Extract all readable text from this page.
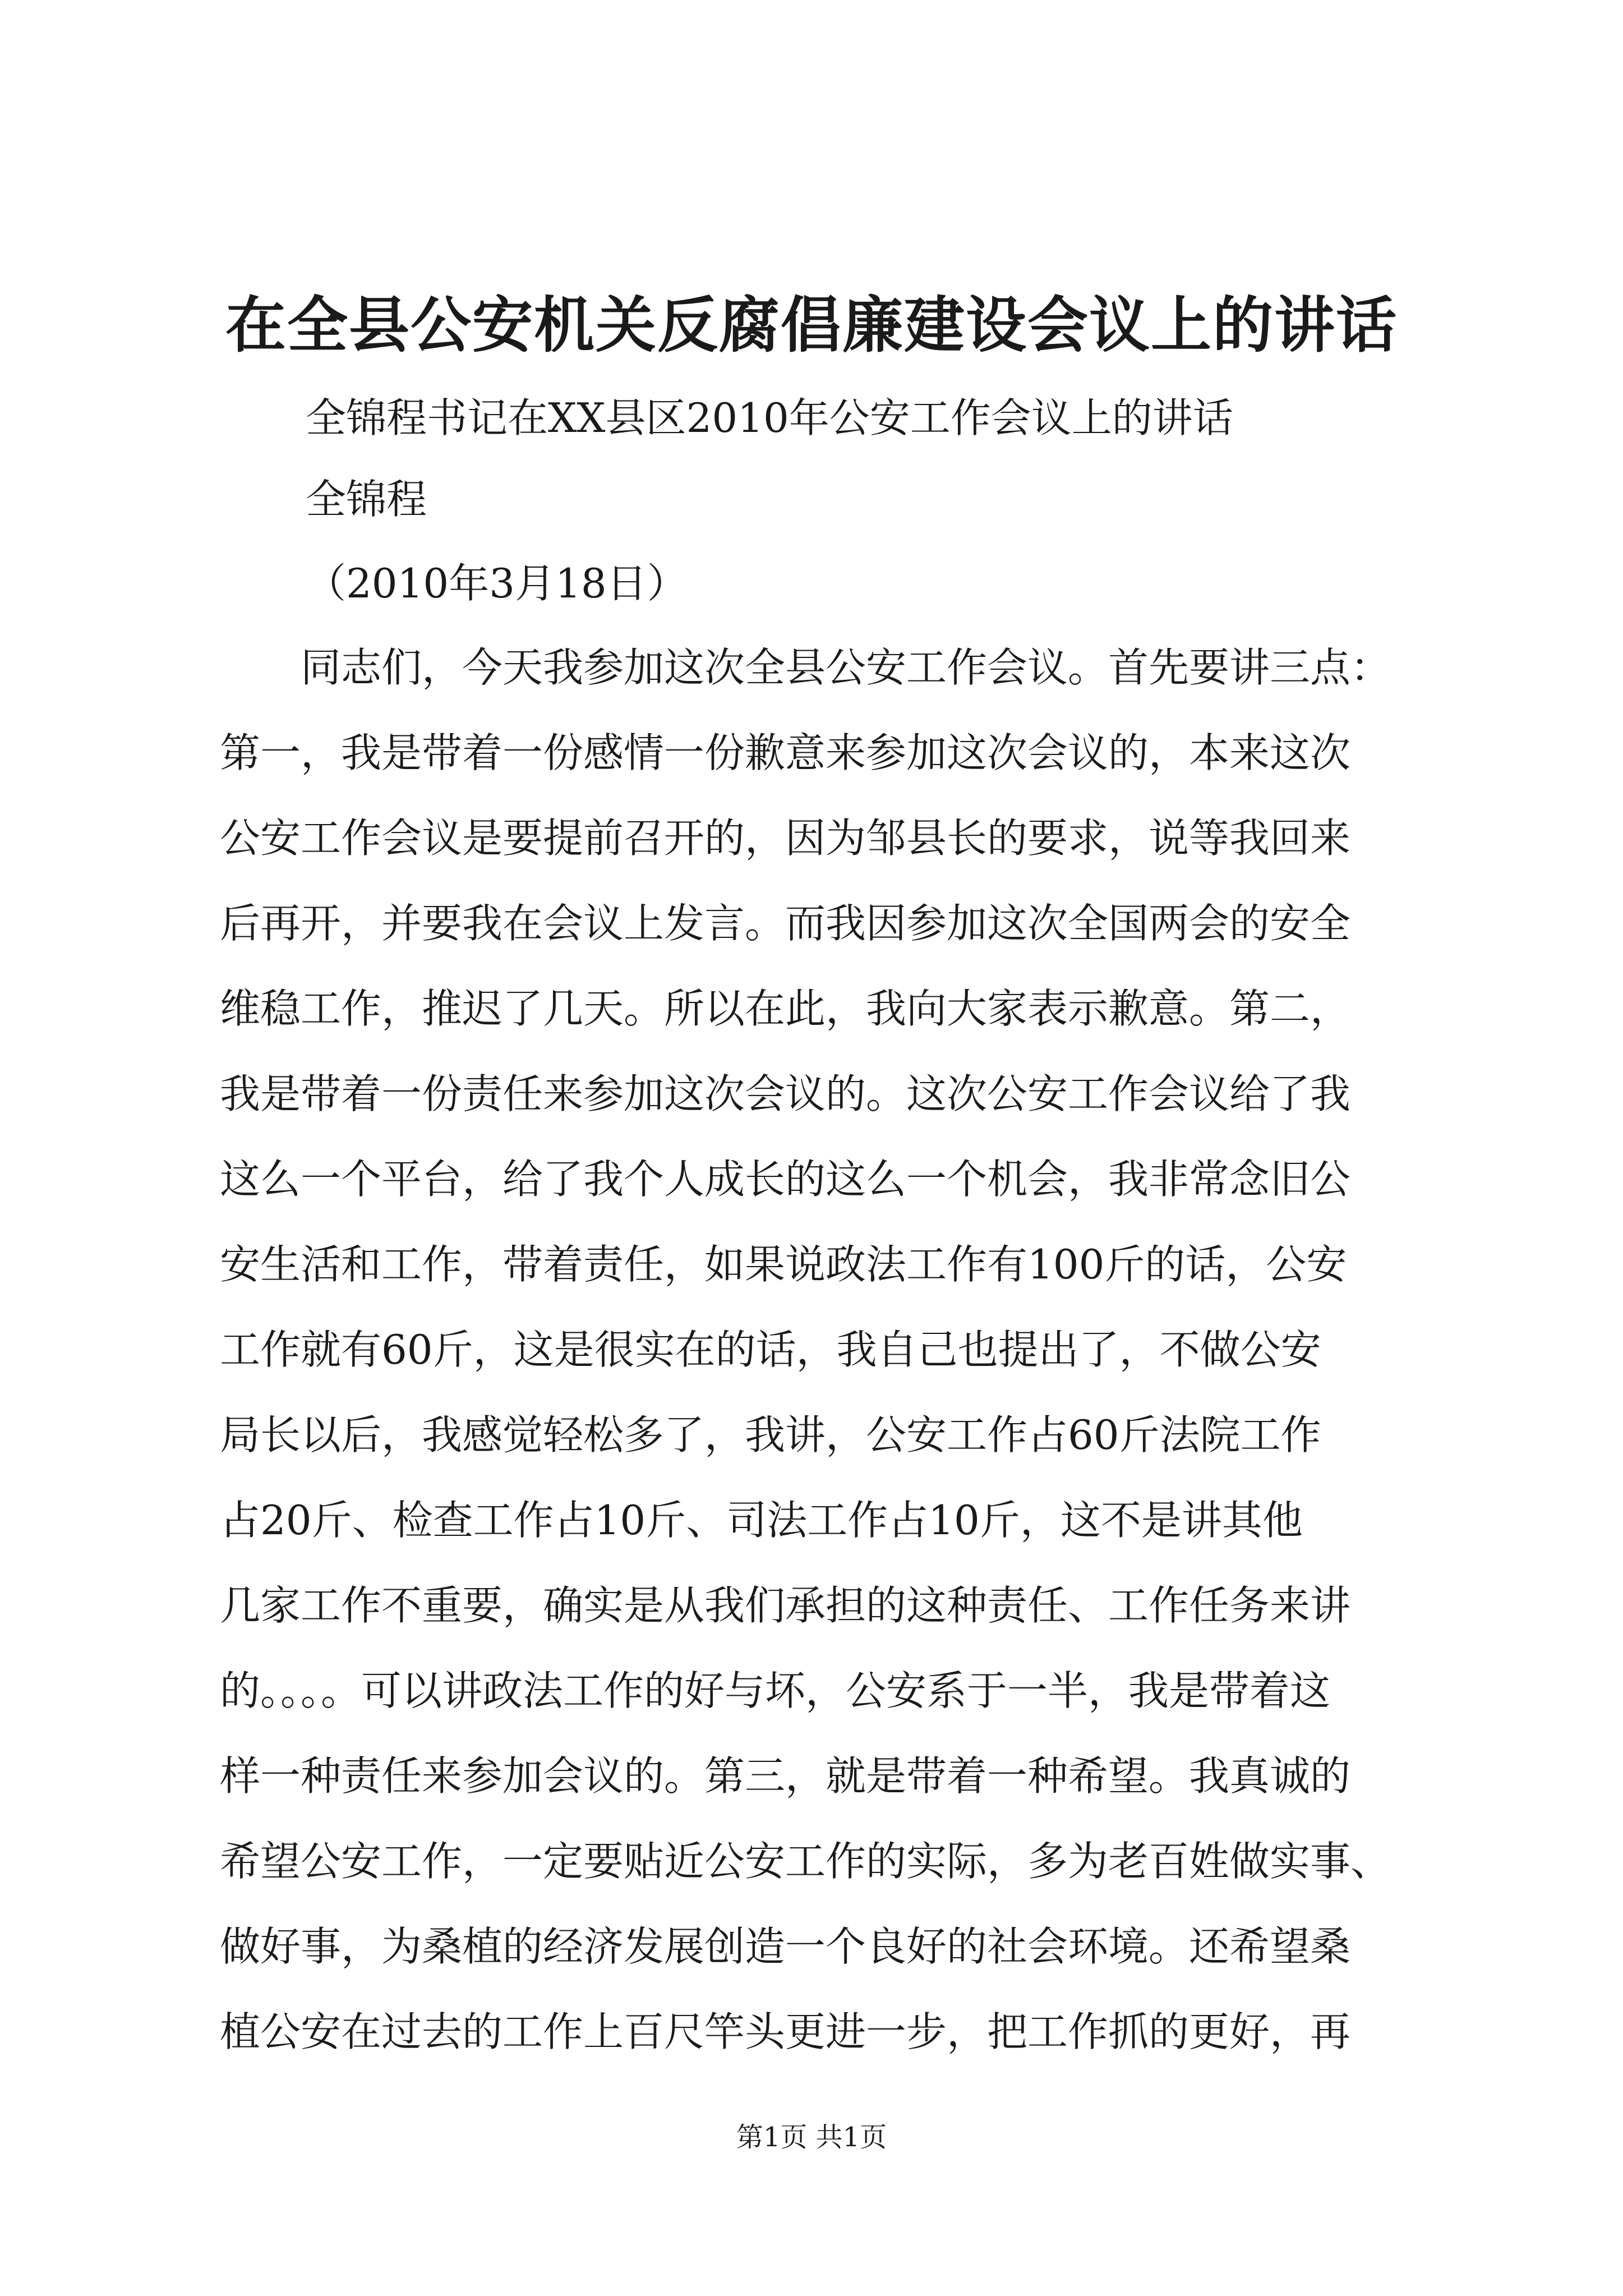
在全县公安机关反腐倡廉建设会议上的讲话
全锦程书记在XX县区2010年公安工作会议上的讲话
全锦程
（2010年3月18日）
　　同志们，今天我参加这次全县公安工作会议。首先要讲三点：
第一，我是带着一份感情一份歉意来参加这次会议的，本来这次
公安工作会议是要提前召开的，因为邹县长的要求，说等我回来
后再开，并要我在会议上发言。而我因参加这次全国两会的安全
维稳工作，推迟了几天。所以在此，我向大家表示歉意。第二，
我是带着一份责任来参加这次会议的。这次公安工作会议给了我
这么一个平台，给了我个人成长的这么一个机会，我非常念旧公
安生活和工作，带着责任，如果说政法工作有100斤的话，公安
工作就有60斤，这是很实在的话，我自己也提出了，不做公安
局长以后，我感觉轻松多了，我讲，公安工作占60斤法院工作
占20斤、检查工作占10斤、司法工作占10斤，这不是讲其他
几家工作不重要，确实是从我们承担的这种责任、工作任务来讲
的。。。。可以讲政法工作的好与坏，公安系于一半，我是带着这
样一种责任来参加会议的。第三，就是带着一种希望。我真诚的
希望公安工作，一定要贴近公安工作的实际，多为老百姓做实事、
做好事，为桑植的经济发展创造一个良好的社会环境。还希望桑
植公安在过去的工作上百尺竿头更进一步，把工作抓的更好，再
第1页 共1页
